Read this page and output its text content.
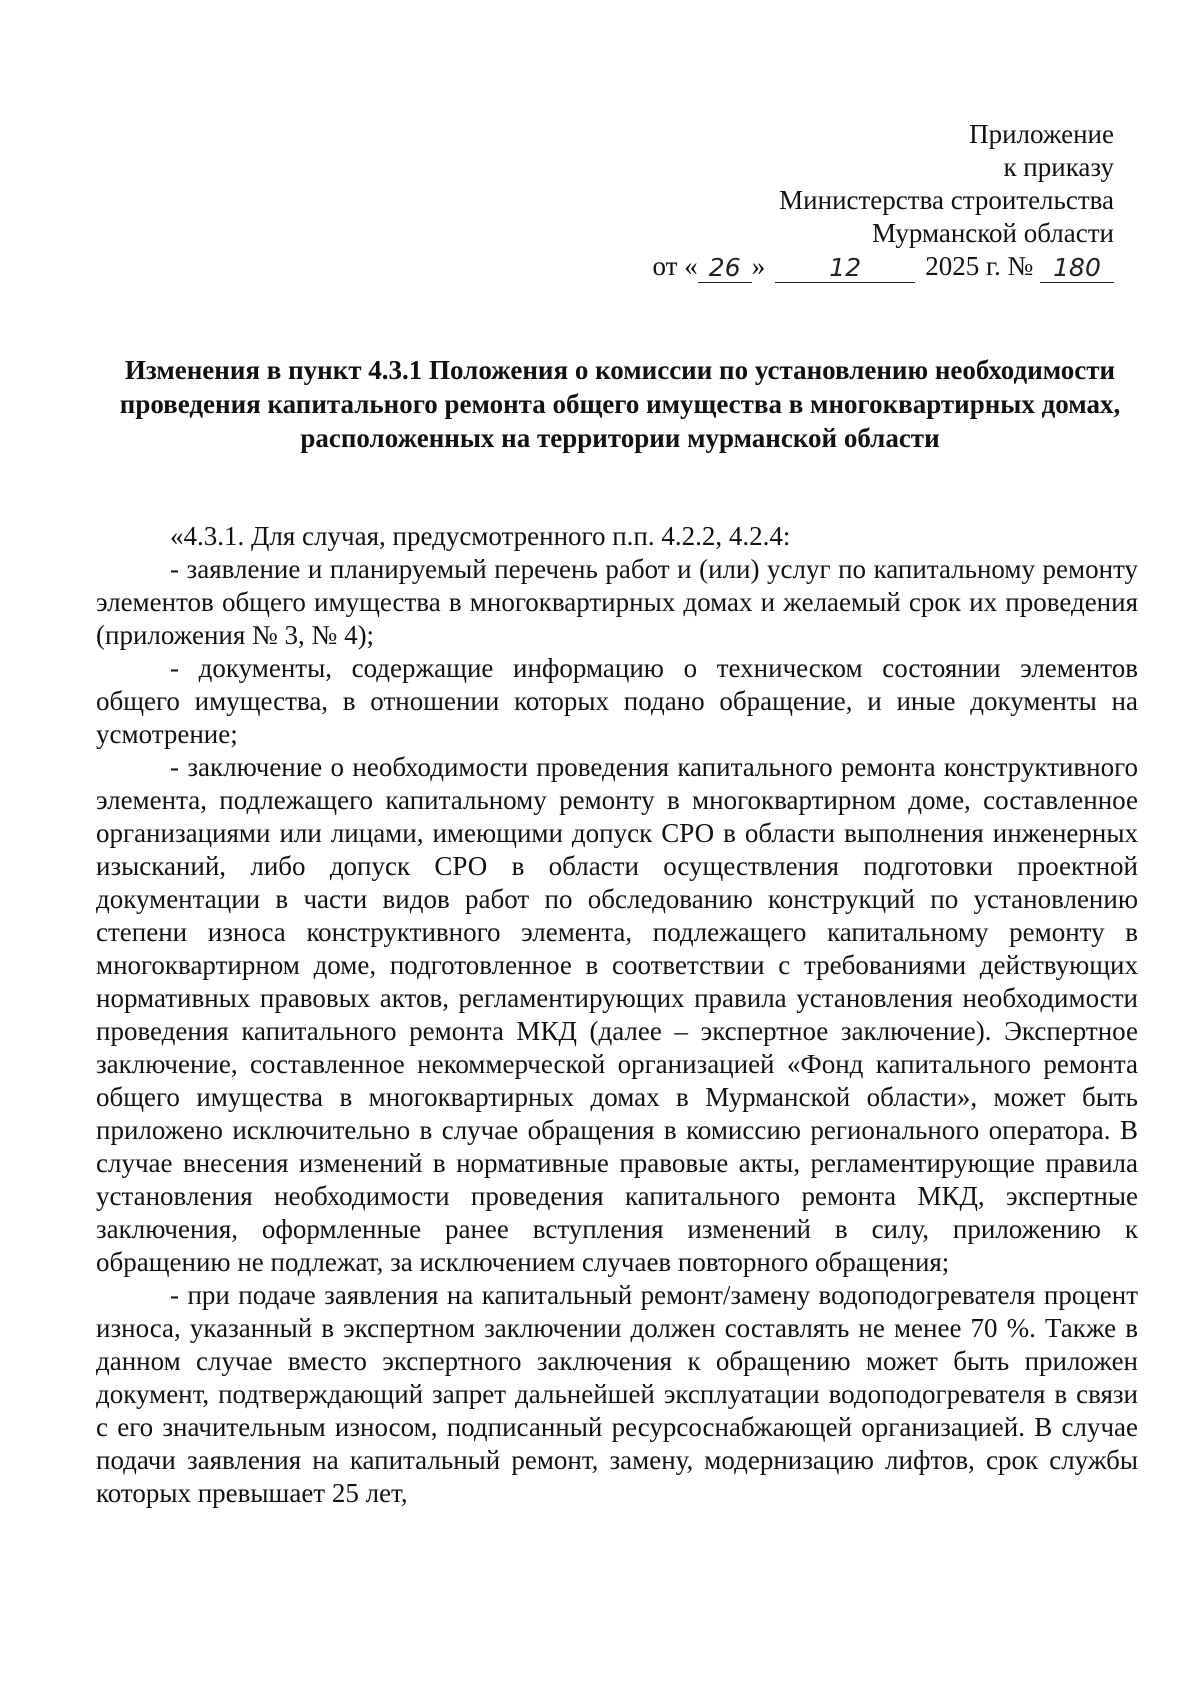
Приложение
к приказу
Министерства строительства
Мурманской области
от « 26 »	12	2025 г. №
180
Изменения в пункт 4.3.1 Положения о комиссии по установлению необходимости проведения капитального ремонта общего имущества в многоквартирных домах, расположенных на территории мурманской области

«4.3.1. Для случая, предусмотренного п.п. 4.2.2, 4.2.4:

- заявление и планируемый перечень работ и (или) услуг по капитальному ремонту элементов общего имущества в многоквартирных домах и желаемый срок их проведения (приложения № 3, № 4);

- документы, содержащие информацию о техническом состоянии элементов общего имущества, в отношении которых подано обращение, и иные документы на усмотрение;

- заключение о необходимости проведения капитального ремонта конструктивного элемента, подлежащего капитальному ремонту в многоквартирном доме, составленное организациями или лицами, имеющими допуск СРО в области выполнения инженерных изысканий, либо допуск СРО в области осуществления подготовки проектной документации в части видов работ по обследованию конструкций по установлению степени износа конструктивного элемента, подлежащего капитальному ремонту в многоквартирном доме, подготовленное в соответствии с требованиями действующих нормативных правовых актов, регламентирующих правила установления необходимости проведения капитального ремонта МКД (далее – экспертное заключение). Экспертное заключение, составленное некоммерческой организацией «Фонд капитального ремонта общего имущества в многоквартирных домах в Мурманской области», может быть приложено исключительно в случае обращения в комиссию регионального оператора. В случае внесения изменений в нормативные правовые акты, регламентирующие правила установления необходимости проведения капитального ремонта МКД, экспертные заключения, оформленные ранее вступления изменений в силу, приложению к обращению не подлежат, за исключением случаев повторного обращения;

- при подаче заявления на капитальный ремонт/замену водоподогревателя процент износа, указанный в экспертном заключении должен составлять не менее 70 %. Также в данном случае вместо экспертного заключения к обращению может быть приложен документ, подтверждающий запрет дальнейшей эксплуатации водоподогревателя в связи с его значительным износом, подписанный ресурсоснабжающей организацией. В случае подачи заявления на капитальный ремонт, замену, модернизацию лифтов, срок службы которых превышает 25 лет,
